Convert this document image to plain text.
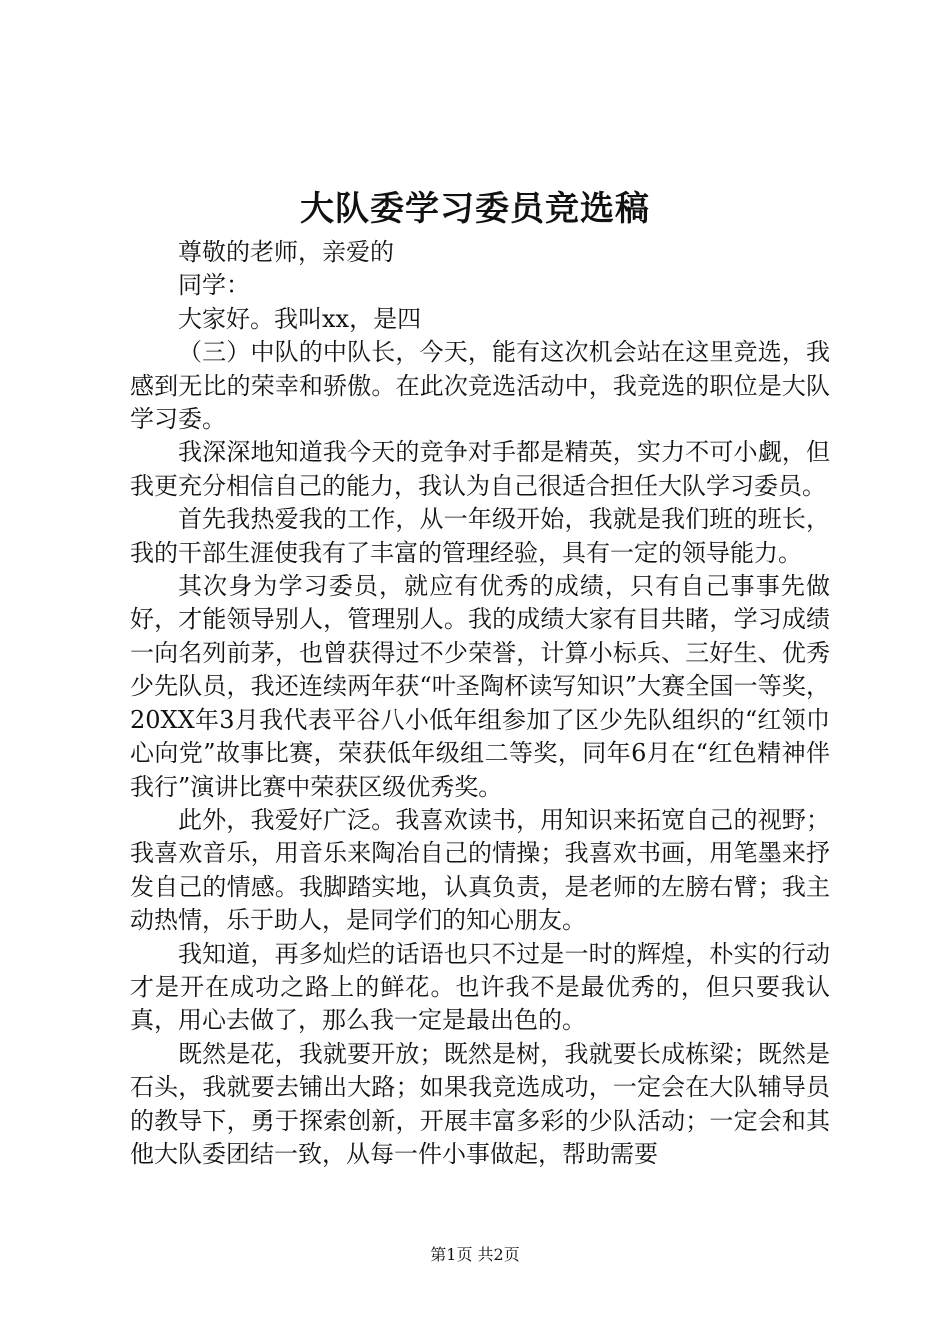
大队委学习委员竞选稿

尊敬的老师，亲爱的

同学：

大家好。我叫xx，是四

（三）中队的中队长，今天，能有这次机会站在这里竞选，我感到无比的荣幸和骄傲。在此次竞选活动中，我竞选的职位是大队学习委。

我深深地知道我今天的竞争对手都是精英，实力不可小觑，但我更充分相信自己的能力，我认为自己很适合担任大队学习委员。

首先我热爱我的工作，从一年级开始，我就是我们班的班长，我的干部生涯使我有了丰富的管理经验，具有一定的领导能力。

其次身为学习委员，就应有优秀的成绩，只有自己事事先做好，才能领导别人，管理别人。我的成绩大家有目共睹，学习成绩一向名列前茅，也曾获得过不少荣誉，计算小标兵、三好生、优秀少先队员，我还连续两年获“叶圣陶杯读写知识”大赛全国一等奖，20XX年3月我代表平谷八小低年组参加了区少先队组织的“红领巾心向党”故事比赛，荣获低年级组二等奖，同年6月在“红色精神伴我行”演讲比赛中荣获区级优秀奖。

此外，我爱好广泛。我喜欢读书，用知识来拓宽自己的视野；我喜欢音乐，用音乐来陶冶自己的情操；我喜欢书画，用笔墨来抒发自己的情感。我脚踏实地，认真负责，是老师的左膀右臂；我主动热情，乐于助人，是同学们的知心朋友。

我知道，再多灿烂的话语也只不过是一时的辉煌，朴实的行动才是开在成功之路上的鲜花。也许我不是最优秀的，但只要我认真，用心去做了，那么我一定是最出色的。

既然是花，我就要开放；既然是树，我就要长成栋梁；既然是石头，我就要去铺出大路；如果我竞选成功，一定会在大队辅导员的教导下，勇于探索创新，开展丰富多彩的少队活动；一定会和其他大队委团结一致，从每一件小事做起，帮助需要

第1页 共2页
